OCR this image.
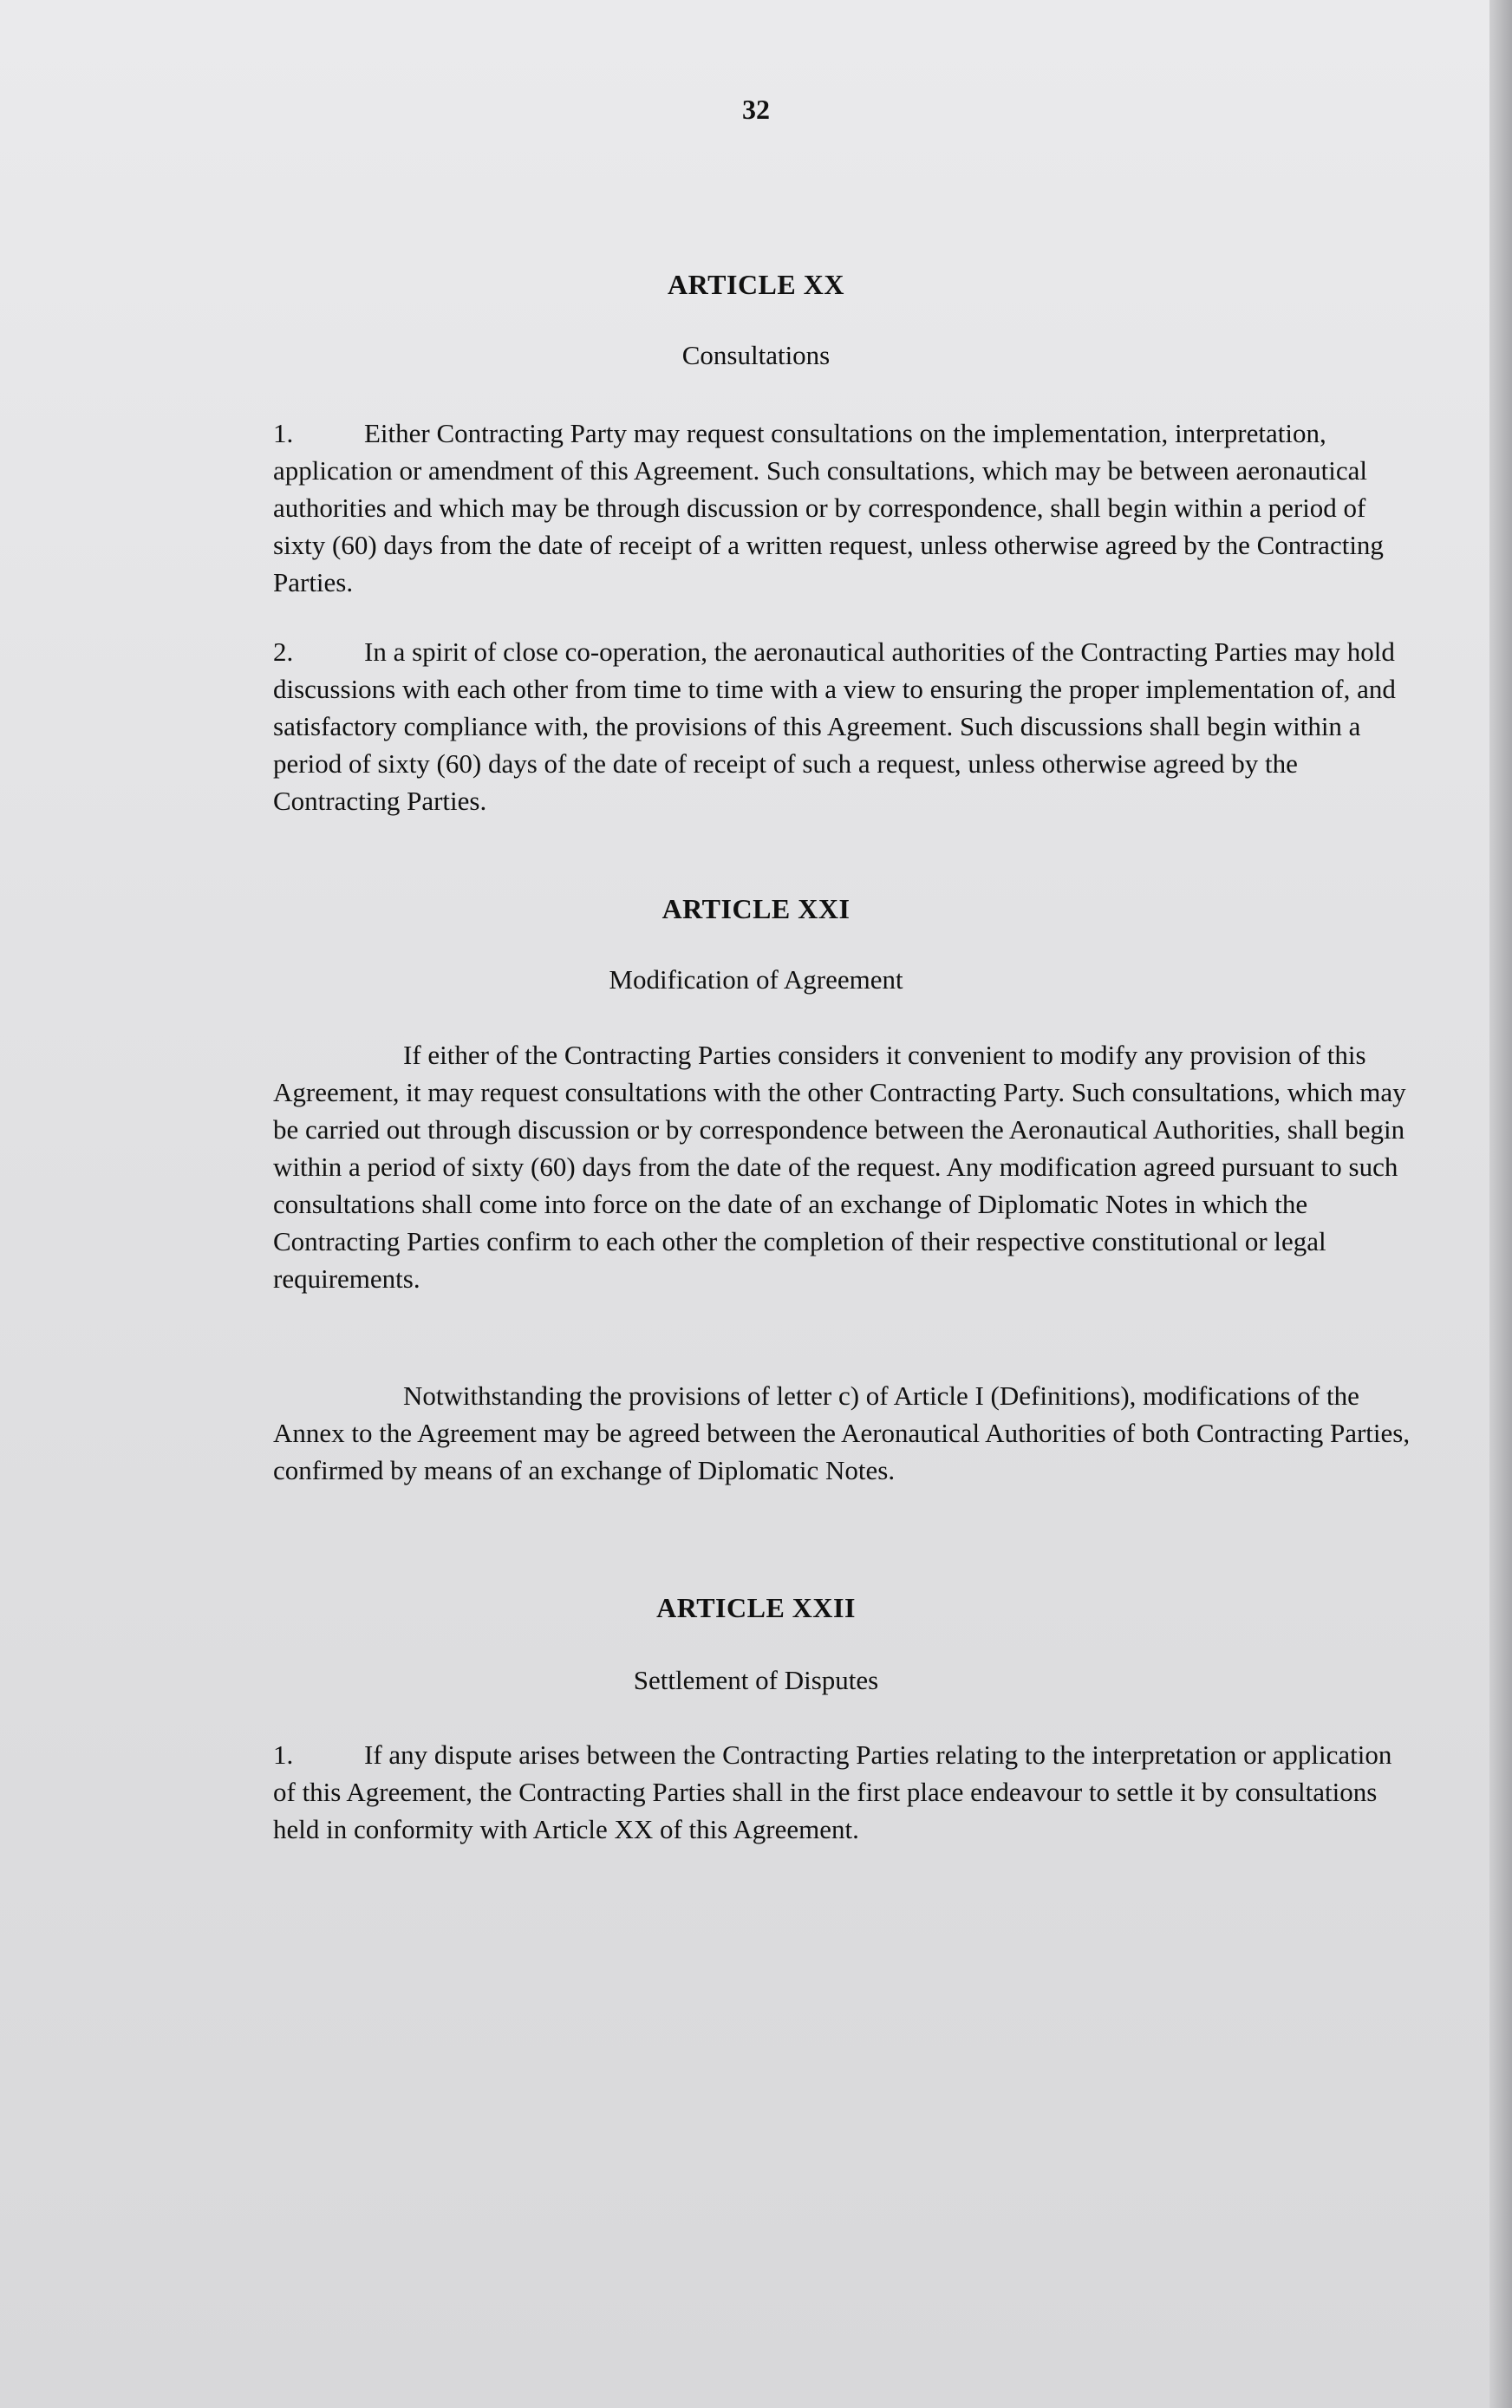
32
ARTICLE XX
Consultations
1.	Either Contracting Party may request consultations on the implementation, interpretation, application or amendment of this Agreement. Such consultations, which may be between aeronautical authorities and which may be through discussion or by correspondence, shall begin within a period of sixty (60) days from the date of receipt of a written request, unless otherwise agreed by the Contracting Parties.
2.	In a spirit of close co-operation, the aeronautical authorities of the Contracting Parties may hold discussions with each other from time to time with a view to ensuring the proper implementation of, and satisfactory compliance with, the provisions of this Agreement. Such discussions shall begin within a period of sixty (60) days of the date of receipt of such a request, unless otherwise agreed by the Contracting Parties.
ARTICLE XXI
Modification of Agreement
If either of the Contracting Parties considers it convenient to modify any provision of this Agreement, it may request consultations with the other Contracting Party. Such consultations, which may be carried out through discussion or by correspondence between the Aeronautical Authorities, shall begin within a period of sixty (60) days from the date of the request. Any modification agreed pursuant to such consultations shall come into force on the date of an exchange of Diplomatic Notes in which the Contracting Parties confirm to each other the completion of their respective constitutional or legal requirements.
Notwithstanding the provisions of letter c) of Article I (Definitions), modifications of the Annex to the Agreement may be agreed between the Aeronautical Authorities of both Contracting Parties, confirmed by means of an exchange of Diplomatic Notes.
ARTICLE XXII
Settlement of Disputes
1.	If any dispute arises between the Contracting Parties relating to the interpretation or application of this Agreement, the Contracting Parties shall in the first place endeavour to settle it by consultations held in conformity with Article XX of this Agreement.
